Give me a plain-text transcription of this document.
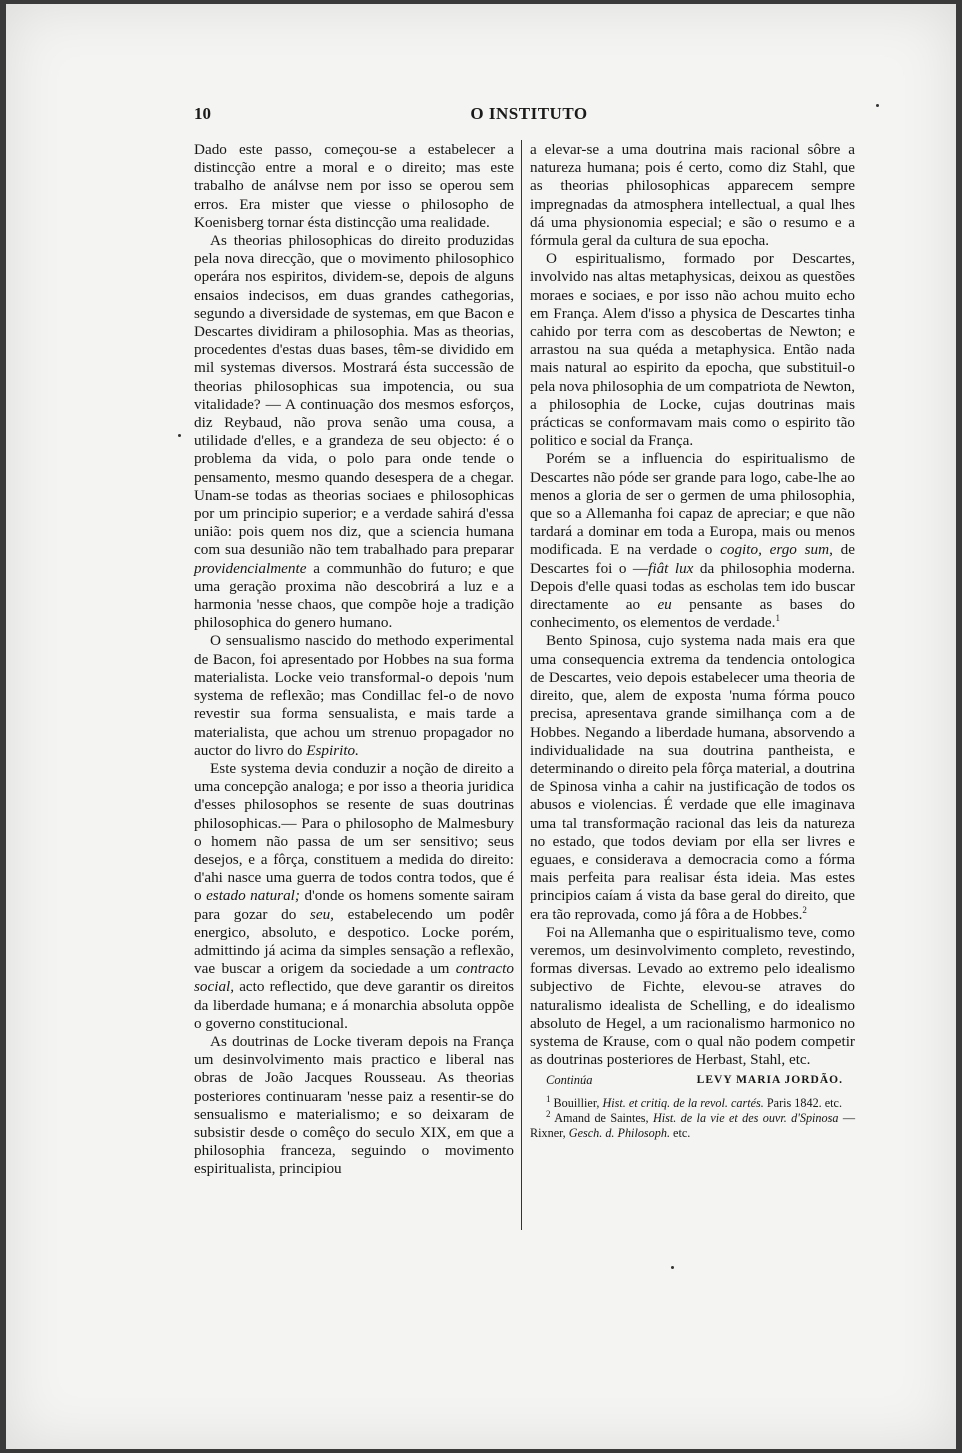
10	O INSTITUTO

Dado este passo, começou-se a estabelecer a distincção entre a moral e o direito; mas este trabalho de análvse nem por isso se operou sem erros. Era mister que viesse o philosopho de Koenisberg tornar ésta distincção uma realidade.

As theorias philosophicas do direito produzidas pela nova direcção, que o movimento philosophico operára nos espiritos, dividem-se, depois de alguns ensaios indecisos, em duas grandes cathegorias, segundo a diversidade de systemas, em que Bacon e Descartes dividiram a philosophia. Mas as theorias, procedentes d'estas duas bases, têm-se dividido em mil systemas diversos. Mostrará ésta successão de theorias philosophicas sua impotencia, ou sua vitalidade? — A continuação dos mesmos esforços, diz Reybaud, não prova senão uma cousa, a utilidade d'elles, e a grandeza de seu objecto: é o problema da vida, o polo para onde tende o pensamento, mesmo quando desespera de a chegar. Unam-se todas as theorias sociaes e philosophicas por um principio superior; e a verdade sahirá d'essa união: pois quem nos diz, que a sciencia humana com sua desunião não tem trabalhado para preparar providencialmente a communhão do futuro; e que uma geração proxima não descobrirá a luz e a harmonia 'nesse chaos, que compõe hoje a tradição philosophica do genero humano.

O sensualismo nascido do methodo experimental de Bacon, foi apresentado por Hobbes na sua forma materialista. Locke veio transformal-o depois 'num systema de reflexão; mas Condillac fel-o de novo revestir sua forma sensualista, e mais tarde a materialista, que achou um strenuo propagador no auctor do livro do Espirito.

Este systema devia conduzir a noção de direito a uma concepção analoga; e por isso a theoria juridica d'esses philosophos se resente de suas doutrinas philosophicas.— Para o philosopho de Malmesbury o homem não passa de um ser sensitivo; seus desejos, e a fôrça, constituem a medida do direito: d'ahi nasce uma guerra de todos contra todos, que é o estado natural; d'onde os homens somente sairam para gozar do seu, estabelecendo um podêr energico, absoluto, e despotico. Locke porém, admittindo já acima da simples sensação a reflexão, vae buscar a origem da sociedade a um contracto social, acto reflectido, que deve garantir os direitos da liberdade humana; e á monarchia absoluta oppõe o governo constitucional.

As doutrinas de Locke tiveram depois na França um desinvolvimento mais practico e liberal nas obras de João Jacques Rousseau. As theorias posteriores continuaram 'nesse paiz a resentir-se do sensualismo e materialismo; e so deixaram de subsistir desde o comêço do seculo XIX, em que a philosophia franceza, seguindo o movimento espiritualista, principiou

a elevar-se a uma doutrina mais racional sôbre a natureza humana; pois é certo, como diz Stahl, que as theorias philosophicas apparecem sempre impregnadas da atmosphera intellectual, a qual lhes dá uma physionomia especial; e são o resumo e a fórmula geral da cultura de sua epocha.

O espiritualismo, formado por Descartes, involvido nas altas metaphysicas, deixou as questões moraes e sociaes, e por isso não achou muito echo em França. Alem d'isso a physica de Descartes tinha cahido por terra com as descobertas de Newton; e arrastou na sua quéda a metaphysica. Então nada mais natural ao espirito da epocha, que substituil-o pela nova philosophia de um compatriota de Newton, a philosophia de Locke, cujas doutrinas mais prácticas se conformavam mais como o espirito tão politico e social da França.

Porém se a influencia do espiritualismo de Descartes não póde ser grande para logo, cabe-lhe ao menos a gloria de ser o germen de uma philosophia, que so a Allemanha foi capaz de apreciar; e que não tardará a dominar em toda a Europa, mais ou menos modificada. E na verdade o cogito, ergo sum, de Descartes foi o —fiât lux da philosophia moderna. Depois d'elle quasi todas as escholas tem ido buscar directamente ao eu pensante as bases do conhecimento, os elementos de verdade.$^1$

Bento Spinosa, cujo systema nada mais era que uma consequencia extrema da tendencia ontologica de Descartes, veio depois estabelecer uma theoria de direito, que, alem de exposta 'numa fórma pouco precisa, apresentava grande similhança com a de Hobbes. Negando a liberdade humana, absorvendo a individualidade na sua doutrina pantheista, e determinando o direito pela fôrça material, a doutrina de Spinosa vinha a cahir na justificação de todos os abusos e violencias. É verdade que elle imaginava uma tal transformação racional das leis da natureza no estado, que todos deviam por ella ser livres e eguaes, e considerava a democracia como a fórma mais perfeita para realisar ésta ideia. Mas estes principios caíam á vista da base geral do direito, que era tão reprovada, como já fôra a de Hobbes.$^2$

Foi na Allemanha que o espiritualismo teve, como veremos, um desinvolvimento completo, revestindo, formas diversas. Levado ao extremo pelo idealismo subjectivo de Fichte, elevou-se atraves do naturalismo idealista de Schelling, e do idealismo absoluto de Hegel, a um racionalismo harmonico no systema de Krause, com o qual não podem competir as doutrinas posteriores de Herbast, Stahl, etc.

Continúa	LEVY MARIA JORDÃO.

$^1$ Bouillier, Hist. et critiq. de la revol. cartés. Paris 1842. etc.

$^2$ Amand de Saintes, Hist. de la vie et des ouvr. d'Spinosa —Rixner, Gesch. d. Philosoph. etc.
